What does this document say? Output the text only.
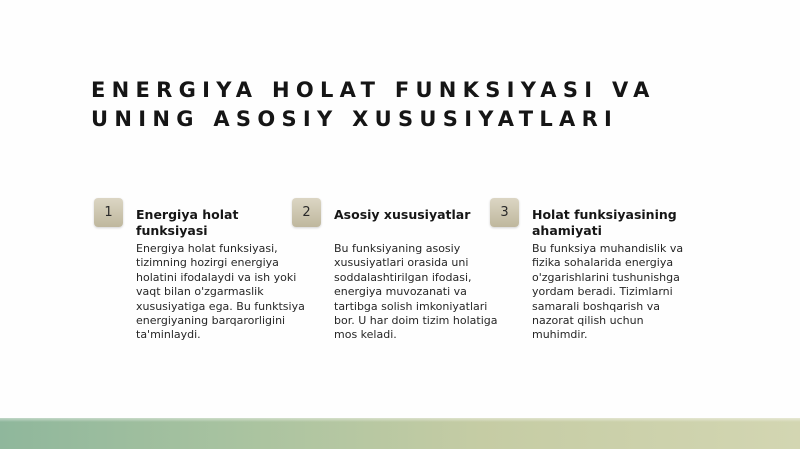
ENERGIYA HOLAT FUNKSIYASI VA UNING ASOSIY XUSUSIYATLARI
1	Energiya holat funksiyasi

Energiya holat funksiyasi, tizimning hozirgi energiya holatini ifodalaydi va ish yoki vaqt bilan o'zgarmaslik xususiyatiga ega. Bu funktsiya energiyaning barqarorligini ta'minlaydi.

2	Asosiy xususiyatlar

Bu funksiyaning asosiy xususiyatlari orasida uni soddalashtirilgan ifodasi, energiya muvozanati va tartibga solish imkoniyatlari bor. U har doim tizim holatiga mos keladi.

3	Holat funksiyasining ahamiyati

Bu funksiya muhandislik va fizika sohalarida energiya o'zgarishlarini tushunishga yordam beradi. Tizimlarni samarali boshqarish va nazorat qilish uchun muhimdir.
